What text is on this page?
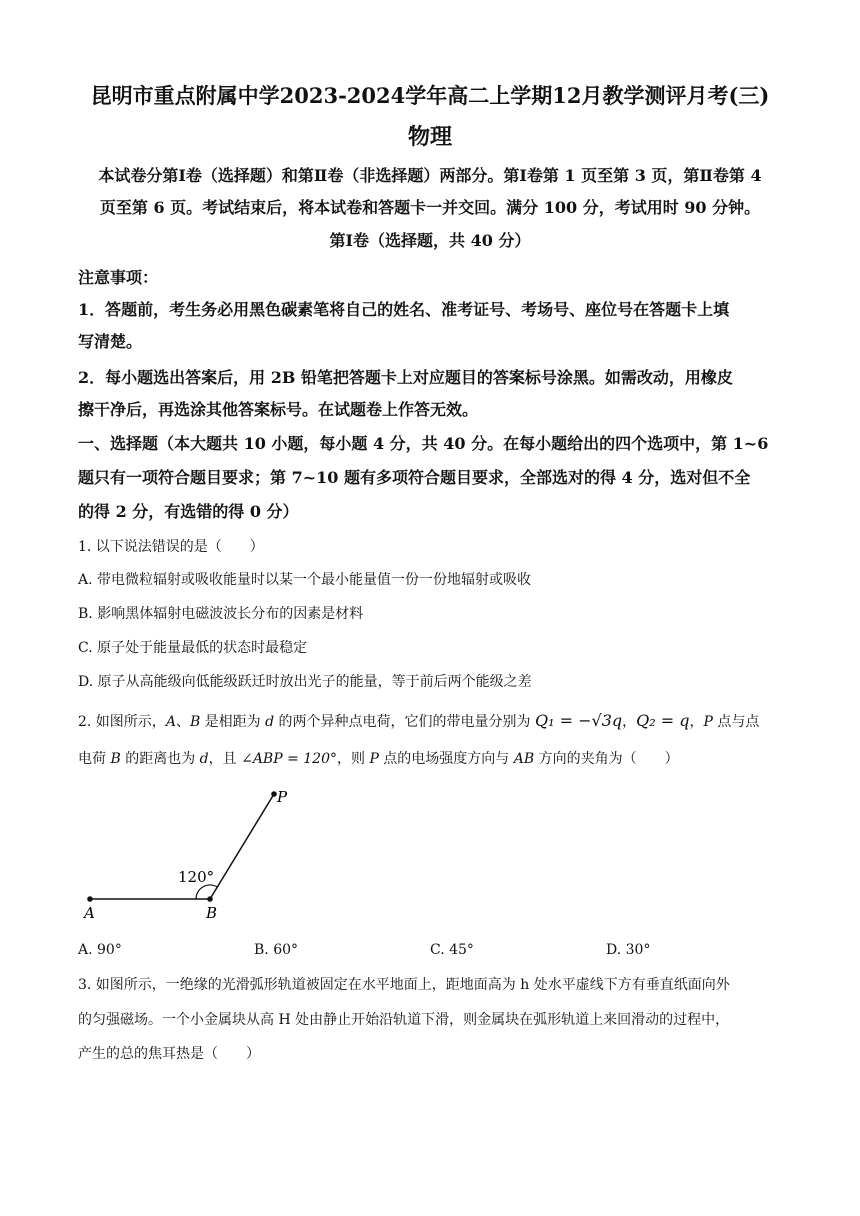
昆明市重点附属中学2023-2024学年高二上学期12月教学测评月考(三)
物理
本试卷分第Ⅰ卷（选择题）和第Ⅱ卷（非选择题）两部分。第Ⅰ卷第 1 页至第 3 页，第Ⅱ卷第 4
页至第 6 页。考试结束后，将本试卷和答题卡一并交回。满分 100 分，考试用时 90 分钟。
第Ⅰ卷（选择题，共 40 分）
注意事项：
1．答题前，考生务必用黑色碳素笔将自己的姓名、准考证号、考场号、座位号在答题卡上填
写清楚。
2．每小题选出答案后，用 2B 铅笔把答题卡上对应题目的答案标号涂黑。如需改动，用橡皮
擦干净后，再选涂其他答案标号。在试题卷上作答无效。
一、选择题（本大题共 10 小题，每小题 4 分，共 40 分。在每小题给出的四个选项中，第 1~6
题只有一项符合题目要求；第 7~10 题有多项符合题目要求，全部选对的得 4 分，选对但不全
的得 2 分，有选错的得 0 分）
1. 以下说法错误的是（　　）
A. 带电微粒辐射或吸收能量时以某一个最小能量值一份一份地辐射或吸收
B. 影响黑体辐射电磁波波长分布的因素是材料
C. 原子处于能量最低的状态时最稳定
D. 原子从高能级向低能级跃迁时放出光子的能量，等于前后两个能级之差
2. 如图所示，A、B 是相距为 d 的两个异种点电荷，它们的带电量分别为 Q₁ = −√3q，Q₂ = q，P 点与点
电荷 B 的距离也为 d，且 ∠ABP = 120°，则 P 点的电场强度方向与 AB 方向的夹角为（　　）
120°
A	B
P
A. 90°	B. 60°	C. 45°	D. 30°
3. 如图所示，一绝缘的光滑弧形轨道被固定在水平地面上，距地面高为 h 处水平虚线下方有垂直纸面向外
的匀强磁场。一个小金属块从高 H 处由静止开始沿轨道下滑，则金属块在弧形轨道上来回滑动的过程中，
产生的总的焦耳热是（　　）
